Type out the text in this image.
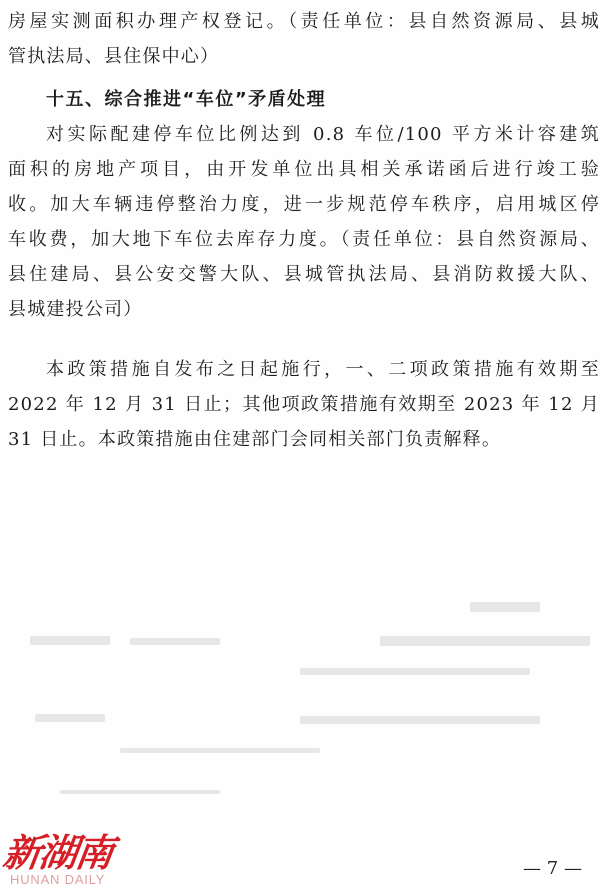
房屋实测面积办理产权登记。（责任单位：县自然资源局、县城
管执法局、县住保中心）
十五、综合推进“车位”矛盾处理
对实际配建停车位比例达到 0.8 车位/100 平方米计容建筑
面积的房地产项目，由开发单位出具相关承诺函后进行竣工验
收。加大车辆违停整治力度，进一步规范停车秩序，启用城区停
车收费，加大地下车位去库存力度。（责任单位：县自然资源局、
县住建局、县公安交警大队、县城管执法局、县消防救援大队、
县城建投公司）
本政策措施自发布之日起施行，一、二项政策措施有效期至
2022 年 12 月 31 日止；其他项政策措施有效期至 2023 年 12 月
31 日止。本政策措施由住建部门会同相关部门负责解释。
新湖南
HUNAN DAILY
— 7 —
